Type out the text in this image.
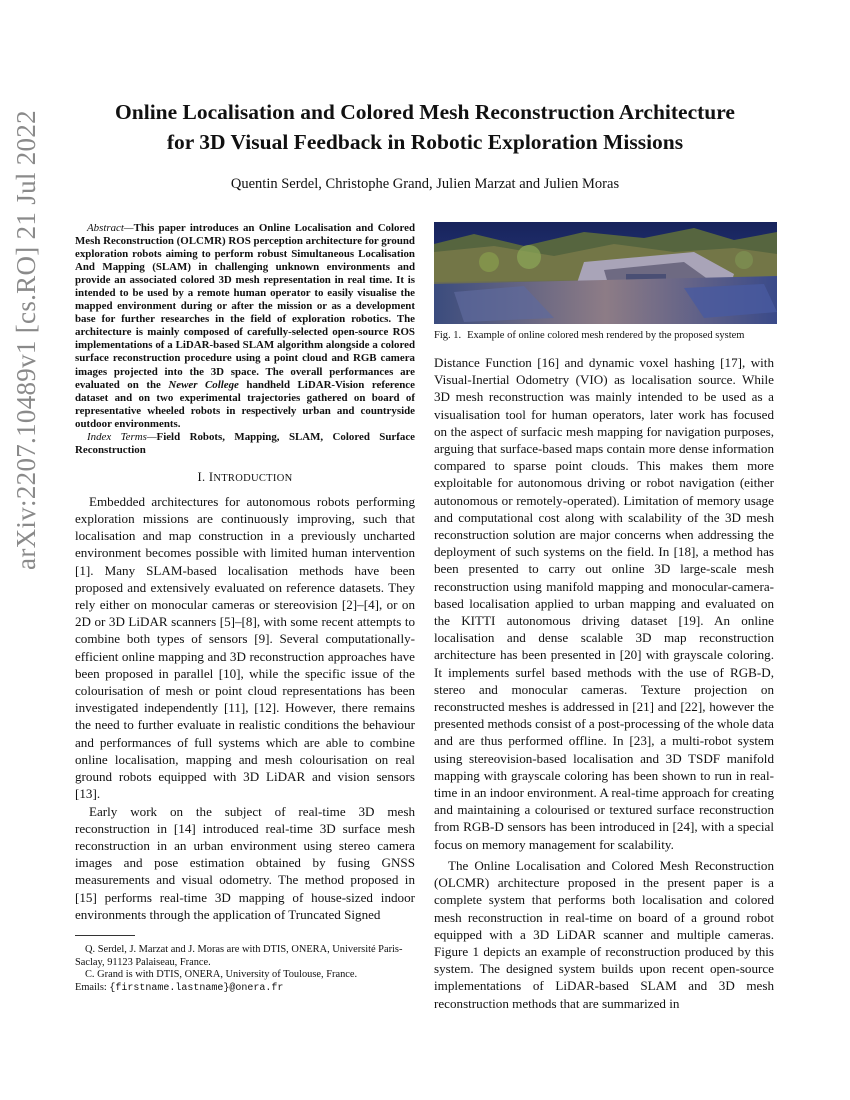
Online Localisation and Colored Mesh Reconstruction Architecture
for 3D Visual Feedback in Robotic Exploration Missions
Quentin Serdel, Christophe Grand, Julien Marzat and Julien Moras
arXiv:2207.10489v1 [cs.RO] 21 Jul 2022	Abstract—This paper introduces an Online Localisation and Colored Mesh Reconstruction (OLCMR) ROS perception architecture for ground exploration robots aiming to perform robust Simultaneous Localisation And Mapping (SLAM) in challenging unknown environments and provide an associated colored 3D mesh representation in real time. It is intended to be used by a remote human operator to easily visualise the mapped environment during or after the mission or as a development base for further researches in the field of exploration robotics. The architecture is mainly composed of carefully-selected open-source ROS implementations of a LiDAR-based SLAM algorithm alongside a colored surface reconstruction procedure using a point cloud and RGB camera images projected into the 3D space. The overall performances are evaluated on the Newer College handheld LiDAR-Vision reference dataset and on two experimental trajectories gathered on board of representative wheeled robots in respectively urban and countryside outdoor environments.

Index Terms—Field Robots, Mapping, SLAM, Colored Surface Reconstruction

I. INTRODUCTION

Embedded architectures for autonomous robots performing exploration missions are continuously improving, such that localisation and map construction in a previously uncharted environment becomes possible with limited human intervention [1]. Many SLAM-based localisation methods have been proposed and extensively evaluated on reference datasets. They rely either on monocular cameras or stereovision [2]–[4], or on 2D or 3D LiDAR scanners [5]–[8], with some recent attempts to combine both types of sensors [9]. Several computationally-efficient online mapping and 3D reconstruction approaches have been proposed in parallel [10], while the specific issue of the colourisation of mesh or point cloud representations has been investigated independently [11], [12]. However, there remains the need to further evaluate in realistic conditions the behaviour and performances of full systems which are able to combine online localisation, mapping and mesh colourisation on real ground robots equipped with 3D LiDAR and vision sensors [13].

Early work on the subject of real-time 3D mesh reconstruction in [14] introduced real-time 3D surface mesh reconstruction in an urban environment using stereo camera images and pose estimation obtained by fusing GNSS measurements and visual odometry. The method proposed in [15] performs real-time 3D mapping of house-sized indoor environments through the application of Truncated Signed

Q. Serdel, J. Marzat and J. Moras are with DTIS, ONERA, Université Paris-Saclay, 91123 Palaiseau, France.

C. Grand is with DTIS, ONERA, University of Toulouse, France.

Emails: {firstname.lastname}@onera.fr

Fig. 1. Example of online colored mesh rendered by the proposed system

Distance Function [16] and dynamic voxel hashing [17], with Visual-Inertial Odometry (VIO) as localisation source. While 3D mesh reconstruction was mainly intended to be used as a visualisation tool for human operators, later work has focused on the aspect of surfacic mesh mapping for navigation purposes, arguing that surface-based maps contain more dense information compared to sparse point clouds. This makes them more exploitable for autonomous driving or robot navigation (either autonomous or remotely-operated). Limitation of memory usage and computational cost along with scalability of the 3D mesh reconstruction solution are major concerns when addressing the deployment of such systems on the field. In [18], a method has been presented to carry out online 3D large-scale mesh reconstruction using manifold mapping and monocular-camera-based localisation applied to urban mapping and evaluated on the KITTI autonomous driving dataset [19]. An online localisation and dense scalable 3D map reconstruction architecture has been presented in [20] with grayscale coloring. It implements surfel based methods with the use of RGB-D, stereo and monocular cameras. Texture projection on reconstructed meshes is addressed in [21] and [22], however the presented methods consist of a post-processing of the whole data and are thus performed offline. In [23], a multi-robot system using stereovision-based localisation and 3D TSDF manifold mapping with grayscale coloring has been shown to run in real-time in an indoor environment. A real-time approach for creating and maintaining a colourised or textured surface reconstruction from RGB-D sensors has been introduced in [24], with a special focus on memory management for scalability.

The Online Localisation and Colored Mesh Reconstruction (OLCMR) architecture proposed in the present paper is a complete system that performs both localisation and colored mesh reconstruction in real-time on board of a ground robot equipped with a 3D LiDAR scanner and multiple cameras. Figure 1 depicts an example of reconstruction produced by this system. The designed system builds upon recent open-source implementations of LiDAR-based SLAM and 3D mesh reconstruction methods that are summarized in
